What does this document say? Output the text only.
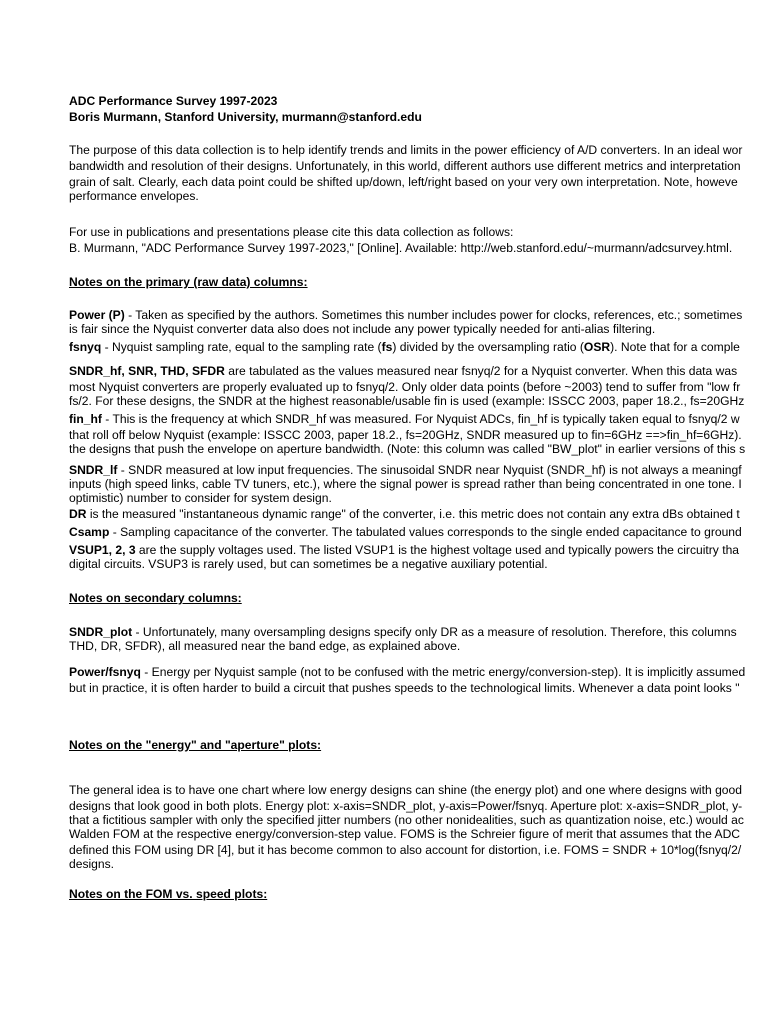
ADC Performance Survey 1997-2023
Boris Murmann, Stanford University, murmann@stanford.edu
The purpose of this data collection is to help identify trends and limits in the power efficiency of A/D converters. In an ideal wor
bandwidth and resolution of their designs. Unfortunately, in this world, different authors use different metrics and interpretation
grain of salt. Clearly, each data point could be shifted up/down, left/right based on your very own interpretation. Note, howeve
performance envelopes.
For use in publications and presentations please cite this data collection as follows:
B. Murmann, "ADC Performance Survey 1997-2023," [Online]. Available: http://web.stanford.edu/~murmann/adcsurvey.html.
Notes on the primary (raw data) columns:
Power (P) - Taken as specified by the authors. Sometimes this number includes power for clocks, references, etc.; sometimes
is fair since the Nyquist converter data also does not include any power typically needed for anti-alias filtering.
fsnyq - Nyquist sampling rate, equal to the sampling rate (fs) divided by the oversampling ratio (OSR). Note that for a comple
SNDR_hf, SNR, THD, SFDR are tabulated as the values measured near fsnyq/2 for a Nyquist converter. When this data was
most Nyquist converters are properly evaluated up to fsnyq/2. Only older data points (before ~2003) tend to suffer from "low fr
fs/2. For these designs, the SNDR at the highest reasonable/usable fin is used (example: ISSCC 2003, paper 18.2., fs=20GHz
fin_hf - This is the frequency at which SNDR_hf was measured. For Nyquist ADCs, fin_hf is typically taken equal to fsnyq/2 w
that roll off below Nyquist (example: ISSCC 2003, paper 18.2., fs=20GHz, SNDR measured up to fin=6GHz ==>fin_hf=6GHz).
the designs that push the envelope on aperture bandwidth. (Note: this column was called "BW_plot" in earlier versions of this s
SNDR_lf - SNDR measured at low input frequencies. The sinusoidal SNDR near Nyquist (SNDR_hf) is not always a meaningf
inputs (high speed links, cable TV tuners, etc.), where the signal power is spread rather than being concentrated in one tone. I
optimistic) number to consider for system design.
DR is the measured "instantaneous dynamic range" of the converter, i.e. this metric does not contain any extra dBs obtained t
Csamp - Sampling capacitance of the converter. The tabulated values corresponds to the single ended capacitance to ground
VSUP1, 2, 3 are the supply voltages used. The listed VSUP1 is the highest voltage used and typically powers the circuitry tha
digital circuits. VSUP3 is rarely used, but can sometimes be a negative auxiliary potential.
Notes on secondary columns:
SNDR_plot - Unfortunately, many oversampling designs specify only DR as a measure of resolution. Therefore, this columns
THD, DR, SFDR), all measured near the band edge, as explained above.
Power/fsnyq - Energy per Nyquist sample (not to be confused with the metric energy/conversion-step). It is implicitly assumed
but in practice, it is often harder to build a circuit that pushes speeds to the technological limits. Whenever a data point looks "
Notes on the "energy" and "aperture" plots:
The general idea is to have one chart where low energy designs can shine (the energy plot) and one where designs with good
designs that look good in both plots. Energy plot: x-axis=SNDR_plot, y-axis=Power/fsnyq. Aperture plot: x-axis=SNDR_plot, y-
that a fictitious sampler with only the specified jitter numbers (no other nonidealities, such as quantization noise, etc.) would ac
Walden FOM at the respective energy/conversion-step value. FOMS is the Schreier figure of merit that assumes that the ADC
defined this FOM using DR [4], but it has become common to also account for distortion, i.e. FOMS = SNDR + 10*log(fsnyq/2/
designs.
Notes on the FOM vs. speed plots:
